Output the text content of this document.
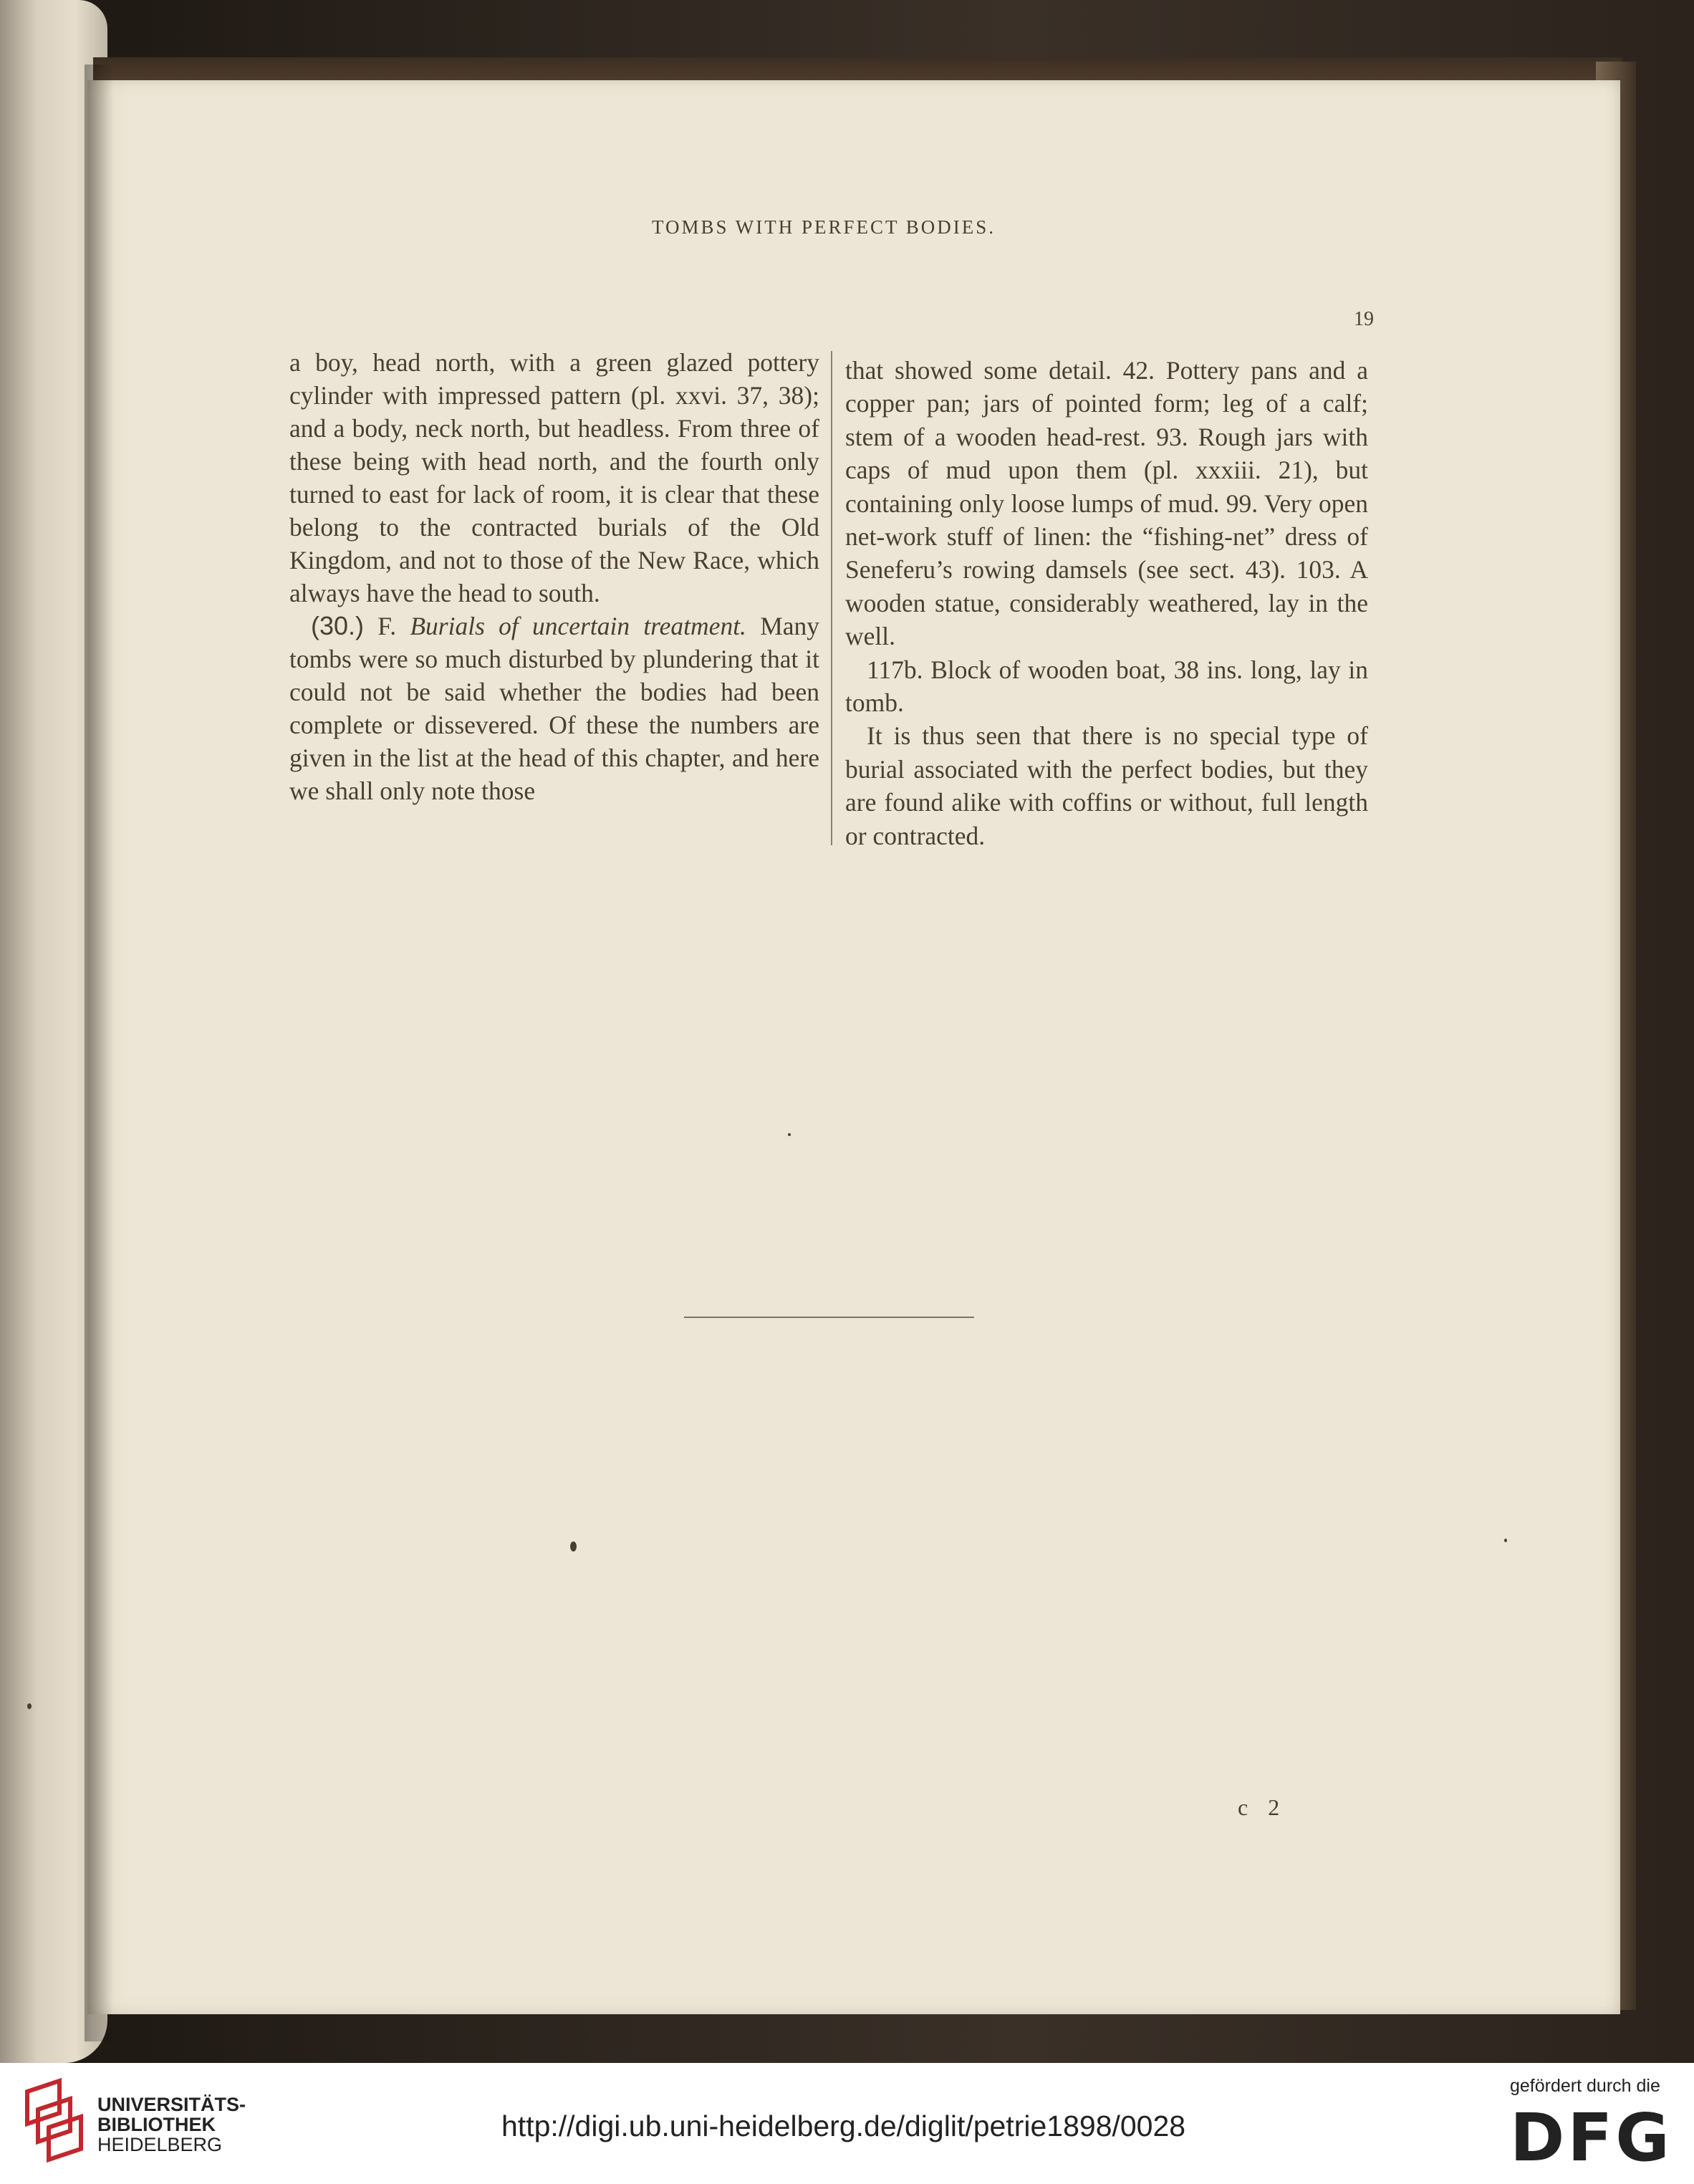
TOMBS WITH PERFECT BODIES.
19

a boy, head north, with a green glazed pottery cylinder with impressed pattern (pl. xxvi. 37, 38); and a body, neck north, but headless. From three of these being with head north, and the fourth only turned to east for lack of room, it is clear that these belong to the contracted burials of the Old Kingdom, and not to those of the New Race, which always have the head to south.

(30.) F. Burials of uncertain treatment. Many tombs were so much disturbed by plundering that it could not be said whether the bodies had been complete or dissevered. Of these the numbers are given in the list at the head of this chapter, and here we shall only note those

that showed some detail. 42. Pottery pans and a copper pan; jars of pointed form; leg of a calf; stem of a wooden head-rest. 93. Rough jars with caps of mud upon them (pl. xxxiii. 21), but containing only loose lumps of mud. 99. Very open net-work stuff of linen: the “fishing-net” dress of Seneferu’s rowing damsels (see sect. 43). 103. A wooden statue, considerably weathered, lay in the well.

117b. Block of wooden boat, 38 ins. long, lay in tomb.

It is thus seen that there is no special type of burial associated with the perfect bodies, but they are found alike with coffins or without, full length or contracted.

c 2
UNIVERSITÄTS-
BIBLIOTHEK
HEIDELBERG
http://digi.ub.uni-heidelberg.de/diglit/petrie1898/0028
gefördert durch die
DFG
